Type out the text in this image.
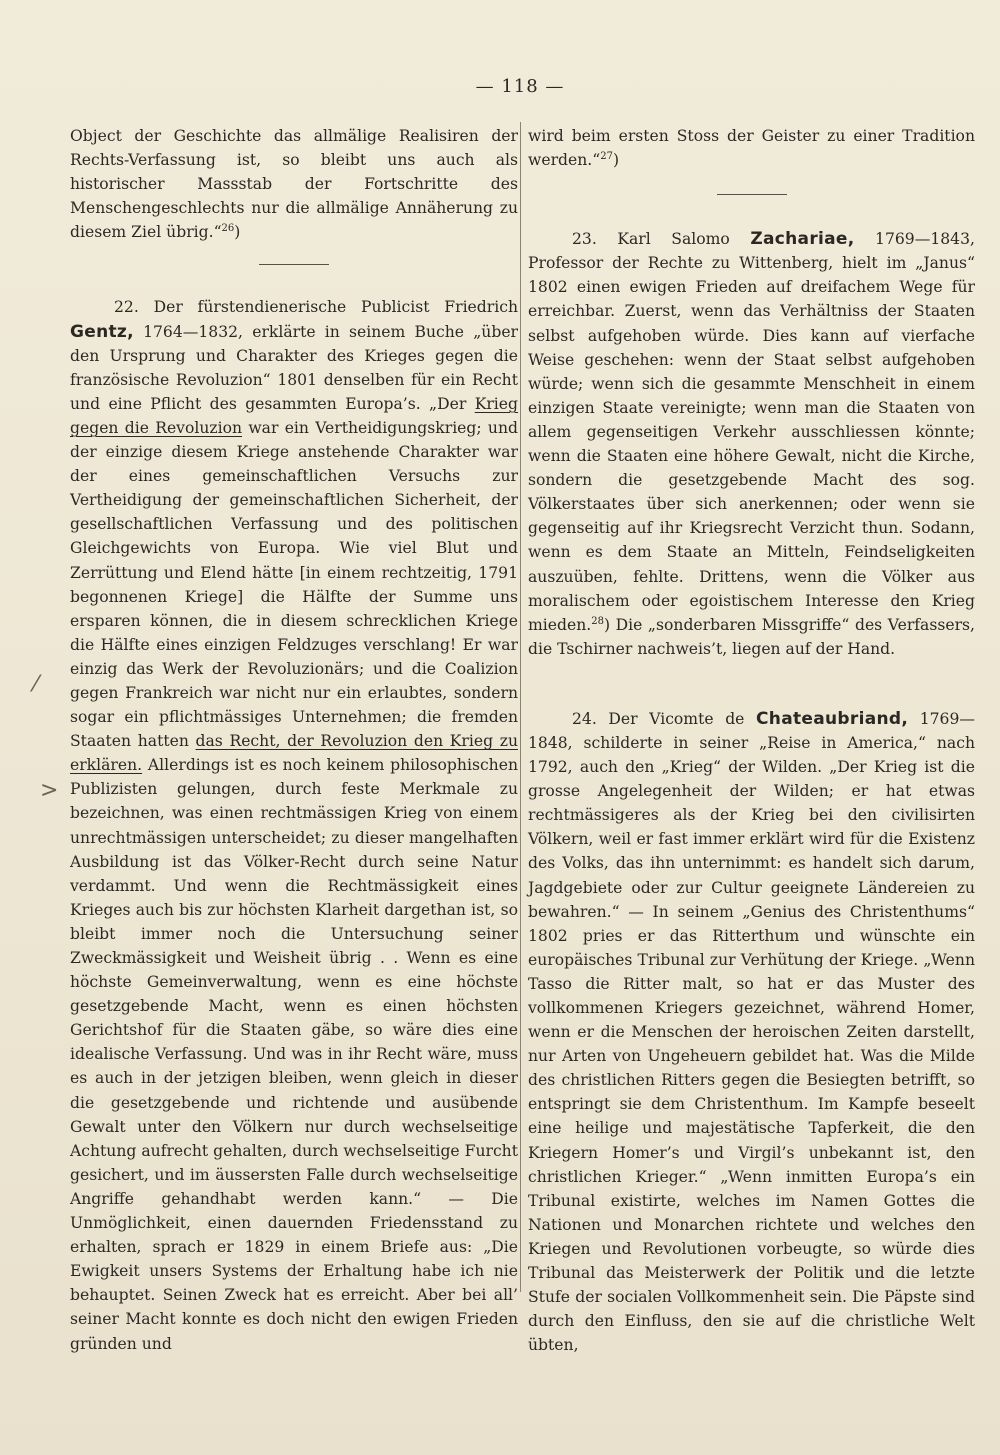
— 118 —
⁄
>

Object der Geschichte das allmälige Realisiren der Rechts-Verfassung ist, so bleibt uns auch als historischer Massstab der Fortschritte des Menschengeschlechts nur die allmälige Annäherung zu diesem Ziel übrig.“$^{26}$)

22. Der fürstendienerische Publicist Friedrich Gentz, 1764—1832, erklärte in seinem Buche „über den Ursprung und Charakter des Krieges gegen die französische Revoluzion“ 1801 denselben für ein Recht und eine Pflicht des gesammten Europa’s. „Der Krieg gegen die Revoluzion war ein Vertheidigungskrieg; und der einzige diesem Kriege anstehende Charakter war der eines gemeinschaftlichen Versuchs zur Vertheidigung der gemeinschaftlichen Sicherheit, der gesellschaftlichen Verfassung und des politischen Gleichgewichts von Europa. Wie viel Blut und Zerrüttung und Elend hätte [in einem rechtzeitig, 1791 begonnenen Kriege] die Hälfte der Summe uns ersparen können, die in diesem schrecklichen Kriege die Hälfte eines einzigen Feldzuges verschlang! Er war einzig das Werk der Revoluzionärs; und die Coalizion gegen Frankreich war nicht nur ein erlaubtes, sondern sogar ein pflichtmässiges Unternehmen; die fremden Staaten hatten das Recht, der Revoluzion den Krieg zu erklären. Allerdings ist es noch keinem philosophischen Publizisten gelungen, durch feste Merkmale zu bezeichnen, was einen rechtmässigen Krieg von einem unrechtmässigen unterscheidet; zu dieser mangelhaften Ausbildung ist das Völker-Recht durch seine Natur verdammt. Und wenn die Rechtmässigkeit eines Krieges auch bis zur höchsten Klarheit dargethan ist, so bleibt immer noch die Untersuchung seiner Zweckmässigkeit und Weisheit übrig . . Wenn es eine höchste Gemeinverwaltung, wenn es eine höchste gesetzgebende Macht, wenn es einen höchsten Gerichtshof für die Staaten gäbe, so wäre dies eine idealische Verfassung. Und was in ihr Recht wäre, muss es auch in der jetzigen bleiben, wenn gleich in dieser die gesetzgebende und richtende und ausübende Gewalt unter den Völkern nur durch wechselseitige Achtung aufrecht gehalten, durch wechselseitige Furcht gesichert, und im äussersten Falle durch wechselseitige Angriffe gehandhabt werden kann.“ — Die Unmöglichkeit, einen dauernden Friedensstand zu erhalten, sprach er 1829 in einem Briefe aus: „Die Ewigkeit unsers Systems der Erhaltung habe ich nie behauptet. Seinen Zweck hat es erreicht. Aber bei all’ seiner Macht konnte es doch nicht den ewigen Frieden gründen und

wird beim ersten Stoss der Geister zu einer Tradition werden.“$^{27}$)

23. Karl Salomo Zachariae, 1769—1843, Professor der Rechte zu Wittenberg, hielt im „Janus“ 1802 einen ewigen Frieden auf dreifachem Wege für erreichbar. Zuerst, wenn das Verhältniss der Staaten selbst aufgehoben würde. Dies kann auf vierfache Weise geschehen: wenn der Staat selbst aufgehoben würde; wenn sich die gesammte Menschheit in einem einzigen Staate vereinigte; wenn man die Staaten von allem gegenseitigen Verkehr ausschliessen könnte; wenn die Staaten eine höhere Gewalt, nicht die Kirche, sondern die gesetzgebende Macht des sog. Völkerstaates über sich anerkennen; oder wenn sie gegenseitig auf ihr Kriegsrecht Verzicht thun. Sodann, wenn es dem Staate an Mitteln, Feindseligkeiten auszuüben, fehlte. Drittens, wenn die Völker aus moralischem oder egoistischem Interesse den Krieg mieden.$^{28}$) Die „sonderbaren Missgriffe“ des Verfassers, die Tschirner nachweis’t, liegen auf der Hand.

24. Der Vicomte de Chateaubriand, 1769—1848, schilderte in seiner „Reise in America,“ nach 1792, auch den „Krieg“ der Wilden. „Der Krieg ist die grosse Angelegenheit der Wilden; er hat etwas rechtmässigeres als der Krieg bei den civilisirten Völkern, weil er fast immer erklärt wird für die Existenz des Volks, das ihn unternimmt: es handelt sich darum, Jagdgebiete oder zur Cultur geeignete Ländereien zu bewahren.“ — In seinem „Genius des Christenthums“ 1802 pries er das Ritterthum und wünschte ein europäisches Tribunal zur Verhütung der Kriege. „Wenn Tasso die Ritter malt, so hat er das Muster des vollkommenen Kriegers gezeichnet, während Homer, wenn er die Menschen der heroischen Zeiten darstellt, nur Arten von Ungeheuern gebildet hat. Was die Milde des christlichen Ritters gegen die Besiegten betrifft, so entspringt sie dem Christenthum. Im Kampfe beseelt eine heilige und majestätische Tapferkeit, die den Kriegern Homer’s und Virgil’s unbekannt ist, den christlichen Krieger.“ „Wenn inmitten Europa’s ein Tribunal existirte, welches im Namen Gottes die Nationen und Monarchen richtete und welches den Kriegen und Revolutionen vorbeugte, so würde dies Tribunal das Meisterwerk der Politik und die letzte Stufe der socialen Vollkommenheit sein. Die Päpste sind durch den Einfluss, den sie auf die christliche Welt übten,
